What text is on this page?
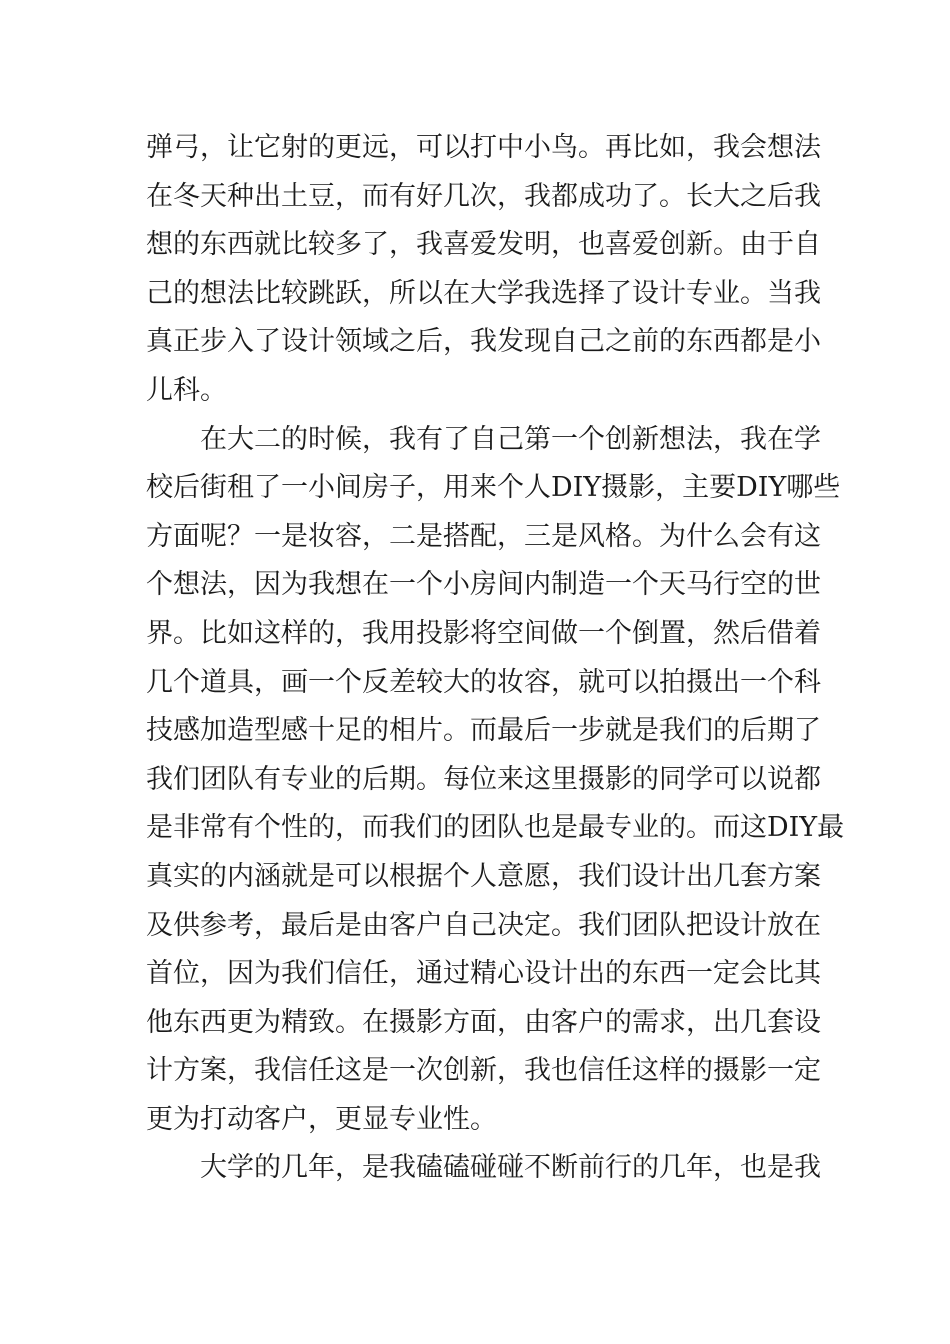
弹弓，让它射的更远，可以打中小鸟。再比如，我会想法
在冬天种出土豆，而有好几次，我都成功了。长大之后我
想的东西就比较多了，我喜爱发明，也喜爱创新。由于自
己的想法比较跳跃，所以在大学我选择了设计专业。当我
真正步入了设计领域之后，我发现自己之前的东西都是小
儿科。
在大二的时候，我有了自己第一个创新想法，我在学
校后街租了一小间房子，用来个人DIY摄影，主要DIY哪些
方面呢？一是妆容，二是搭配，三是风格。为什么会有这
个想法，因为我想在一个小房间内制造一个天马行空的世
界。比如这样的，我用投影将空间做一个倒置，然后借着
几个道具，画一个反差较大的妆容，就可以拍摄出一个科
技感加造型感十足的相片。而最后一步就是我们的后期了
我们团队有专业的后期。每位来这里摄影的同学可以说都
是非常有个性的，而我们的团队也是最专业的。而这DIY最
真实的内涵就是可以根据个人意愿，我们设计出几套方案
及供参考，最后是由客户自己决定。我们团队把设计放在
首位，因为我们信任，通过精心设计出的东西一定会比其
他东西更为精致。在摄影方面，由客户的需求，出几套设
计方案，我信任这是一次创新，我也信任这样的摄影一定
更为打动客户，更显专业性。
大学的几年，是我磕磕碰碰不断前行的几年，也是我
